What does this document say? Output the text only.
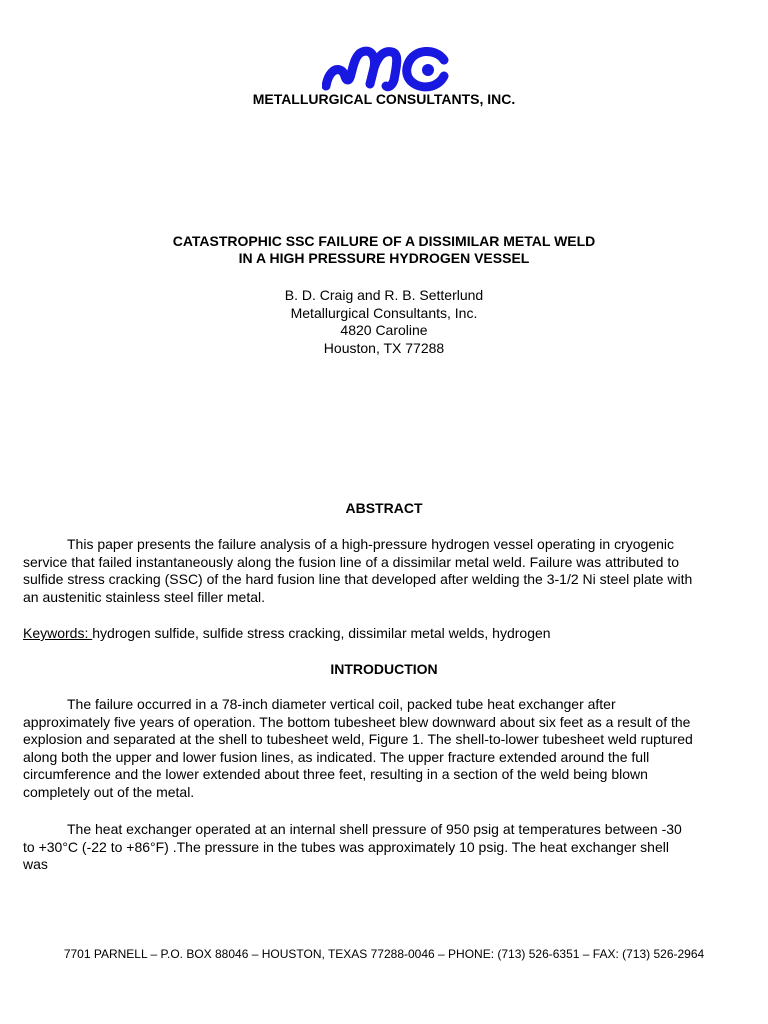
METALLURGICAL CONSULTANTS, INC.
CATASTROPHIC SSC FAILURE OF A DISSIMILAR METAL WELD
IN A HIGH PRESSURE HYDROGEN VESSEL
B. D. Craig and R. B. Setterlund
Metallurgical Consultants, Inc.
4820 Caroline
Houston, TX 77288
ABSTRACT
This paper presents the failure analysis of a high-pressure hydrogen vessel operating in cryogenic
service that failed instantaneously along the fusion line of a dissimilar metal weld. Failure was attributed to
sulfide stress cracking (SSC) of the hard fusion line that developed after welding the 3-1/2 Ni steel plate with
an austenitic stainless steel filler metal.
Keywords: hydrogen sulfide, sulfide stress cracking, dissimilar metal welds, hydrogen
INTRODUCTION
The failure occurred in a 78-inch diameter vertical coil, packed tube heat exchanger after
approximately five years of operation. The bottom tubesheet blew downward about six feet as a result of the
explosion and separated at the shell to tubesheet weld, Figure 1. The shell-to-lower tubesheet weld ruptured
along both the upper and lower fusion lines, as indicated. The upper fracture extended around the full
circumference and the lower extended about three feet, resulting in a section of the weld being blown
completely out of the metal.
The heat exchanger operated at an internal shell pressure of 950 psig at temperatures between -30
to +30°C (-22 to +86°F) .The pressure in the tubes was approximately 10 psig. The heat exchanger shell
was
7701 PARNELL – P.O. BOX 88046 – HOUSTON, TEXAS 77288-0046 – PHONE: (713) 526-6351 – FAX: (713) 526-2964
